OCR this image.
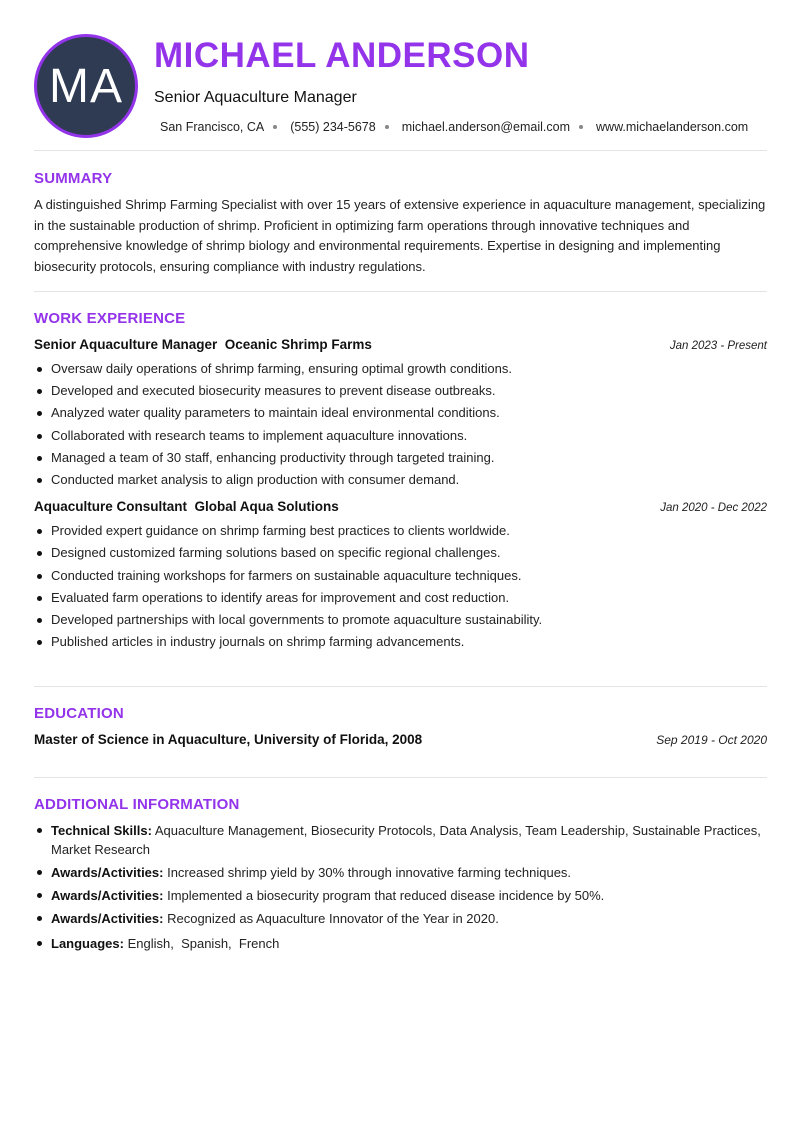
MA
MICHAEL ANDERSON
Senior Aquaculture Manager
San Francisco, CA (555) 234-5678 michael.anderson@email.com www.michaelanderson.com
SUMMARY

A distinguished Shrimp Farming Specialist with over 15 years of extensive experience in aquaculture management, specializing in the sustainable production of shrimp. Proficient in optimizing farm operations through innovative techniques and comprehensive knowledge of shrimp biology and environmental requirements. Expertise in designing and implementing biosecurity protocols, ensuring compliance with industry regulations.

WORK EXPERIENCE
Senior Aquaculture Manager  Oceanic Shrimp Farms	Jan 2023 - Present
Oversaw daily operations of shrimp farming, ensuring optimal growth conditions.
Developed and executed biosecurity measures to prevent disease outbreaks.
Analyzed water quality parameters to maintain ideal environmental conditions.
Collaborated with research teams to implement aquaculture innovations.
Managed a team of 30 staff, enhancing productivity through targeted training.
Conducted market analysis to align production with consumer demand.
Aquaculture Consultant  Global Aqua Solutions	Jan 2020 - Dec 2022
Provided expert guidance on shrimp farming best practices to clients worldwide.
Designed customized farming solutions based on specific regional challenges.
Conducted training workshops for farmers on sustainable aquaculture techniques.
Evaluated farm operations to identify areas for improvement and cost reduction.
Developed partnerships with local governments to promote aquaculture sustainability.
Published articles in industry journals on shrimp farming advancements.
EDUCATION
Master of Science in Aquaculture, University of Florida, 2008	Sep 2019 - Oct 2020
ADDITIONAL INFORMATION
Technical Skills: Aquaculture Management, Biosecurity Protocols, Data Analysis, Team Leadership, Sustainable Practices, Market Research
Awards/Activities: Increased shrimp yield by 30% through innovative farming techniques.
Awards/Activities: Implemented a biosecurity program that reduced disease incidence by 50%.
Awards/Activities: Recognized as Aquaculture Innovator of the Year in 2020.
Languages: English,  Spanish,  French
